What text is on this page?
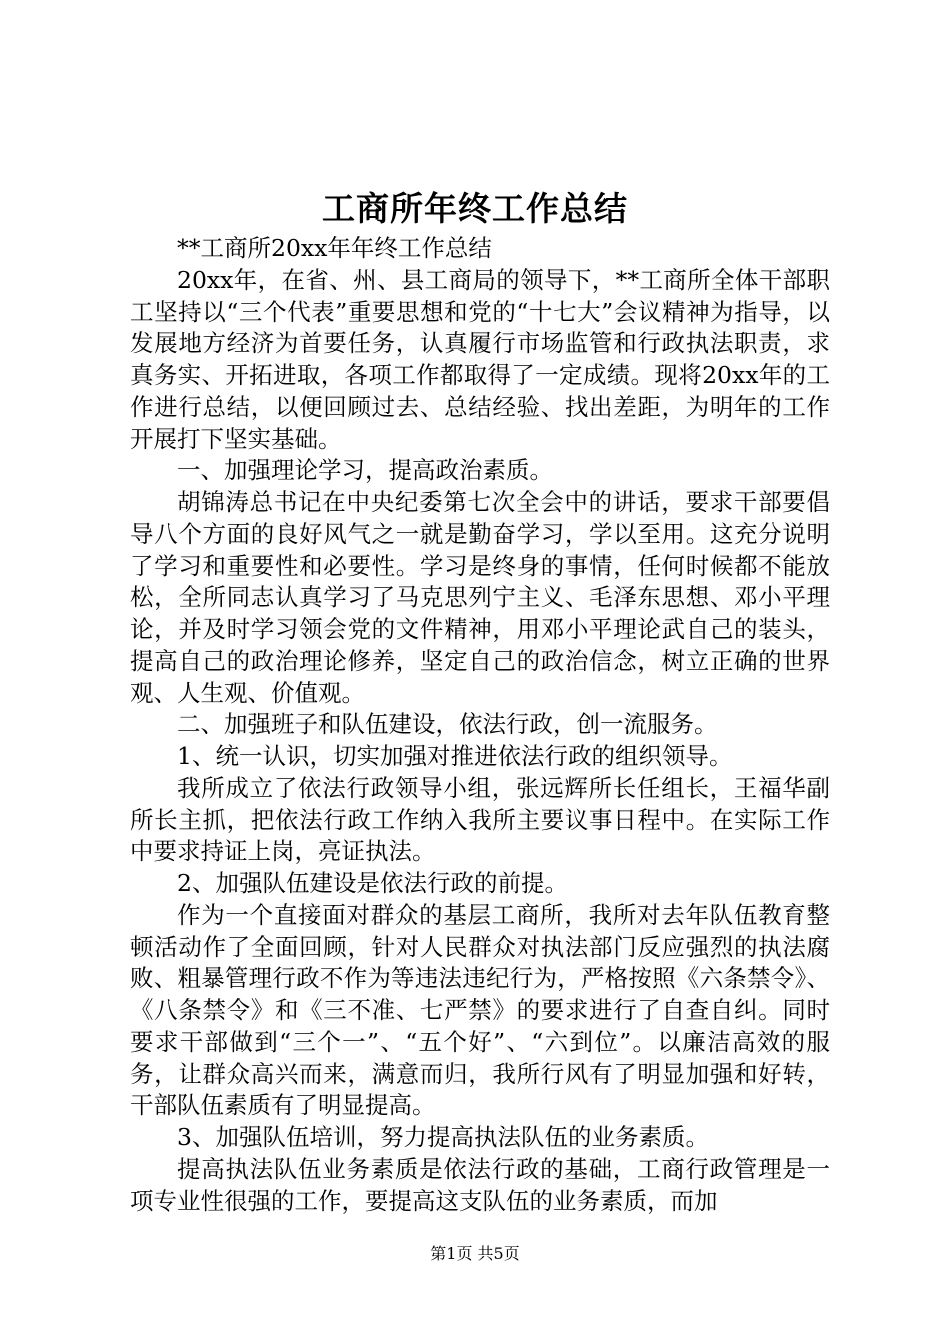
工商所年终工作总结

**工商所20xx年年终工作总结

20xx年，在省、州、县工商局的领导下，**工商所全体干部职工坚持以“三个代表”重要思想和党的“十七大”会议精神为指导，以发展地方经济为首要任务，认真履行市场监管和行政执法职责，求真务实、开拓进取，各项工作都取得了一定成绩。现将20xx年的工作进行总结，以便回顾过去、总结经验、找出差距，为明年的工作开展打下坚实基础。

一、加强理论学习，提高政治素质。

胡锦涛总书记在中央纪委第七次全会中的讲话，要求干部要倡导八个方面的良好风气之一就是勤奋学习，学以至用。这充分说明了学习和重要性和必要性。学习是终身的事情，任何时候都不能放松，全所同志认真学习了马克思列宁主义、毛泽东思想、邓小平理论，并及时学习领会党的文件精神，用邓小平理论武自己的装头，提高自己的政治理论修养，坚定自己的政治信念，树立正确的世界观、人生观、价值观。

二、加强班子和队伍建设，依法行政，创一流服务。

1、统一认识，切实加强对推进依法行政的组织领导。

我所成立了依法行政领导小组，张远辉所长任组长，王福华副所长主抓，把依法行政工作纳入我所主要议事日程中。在实际工作中要求持证上岗，亮证执法。

2、加强队伍建设是依法行政的前提。

作为一个直接面对群众的基层工商所，我所对去年队伍教育整顿活动作了全面回顾，针对人民群众对执法部门反应强烈的执法腐败、粗暴管理行政不作为等违法违纪行为，严格按照《六条禁令》、《八条禁令》和《三不准、七严禁》的要求进行了自查自纠。同时要求干部做到“三个一”、“五个好”、“六到位”。以廉洁高效的服务，让群众高兴而来，满意而归，我所行风有了明显加强和好转，干部队伍素质有了明显提高。

3、加强队伍培训，努力提高执法队伍的业务素质。

提高执法队伍业务素质是依法行政的基础，工商行政管理是一项专业性很强的工作，要提高这支队伍的业务素质，而加

第1页 共5页
